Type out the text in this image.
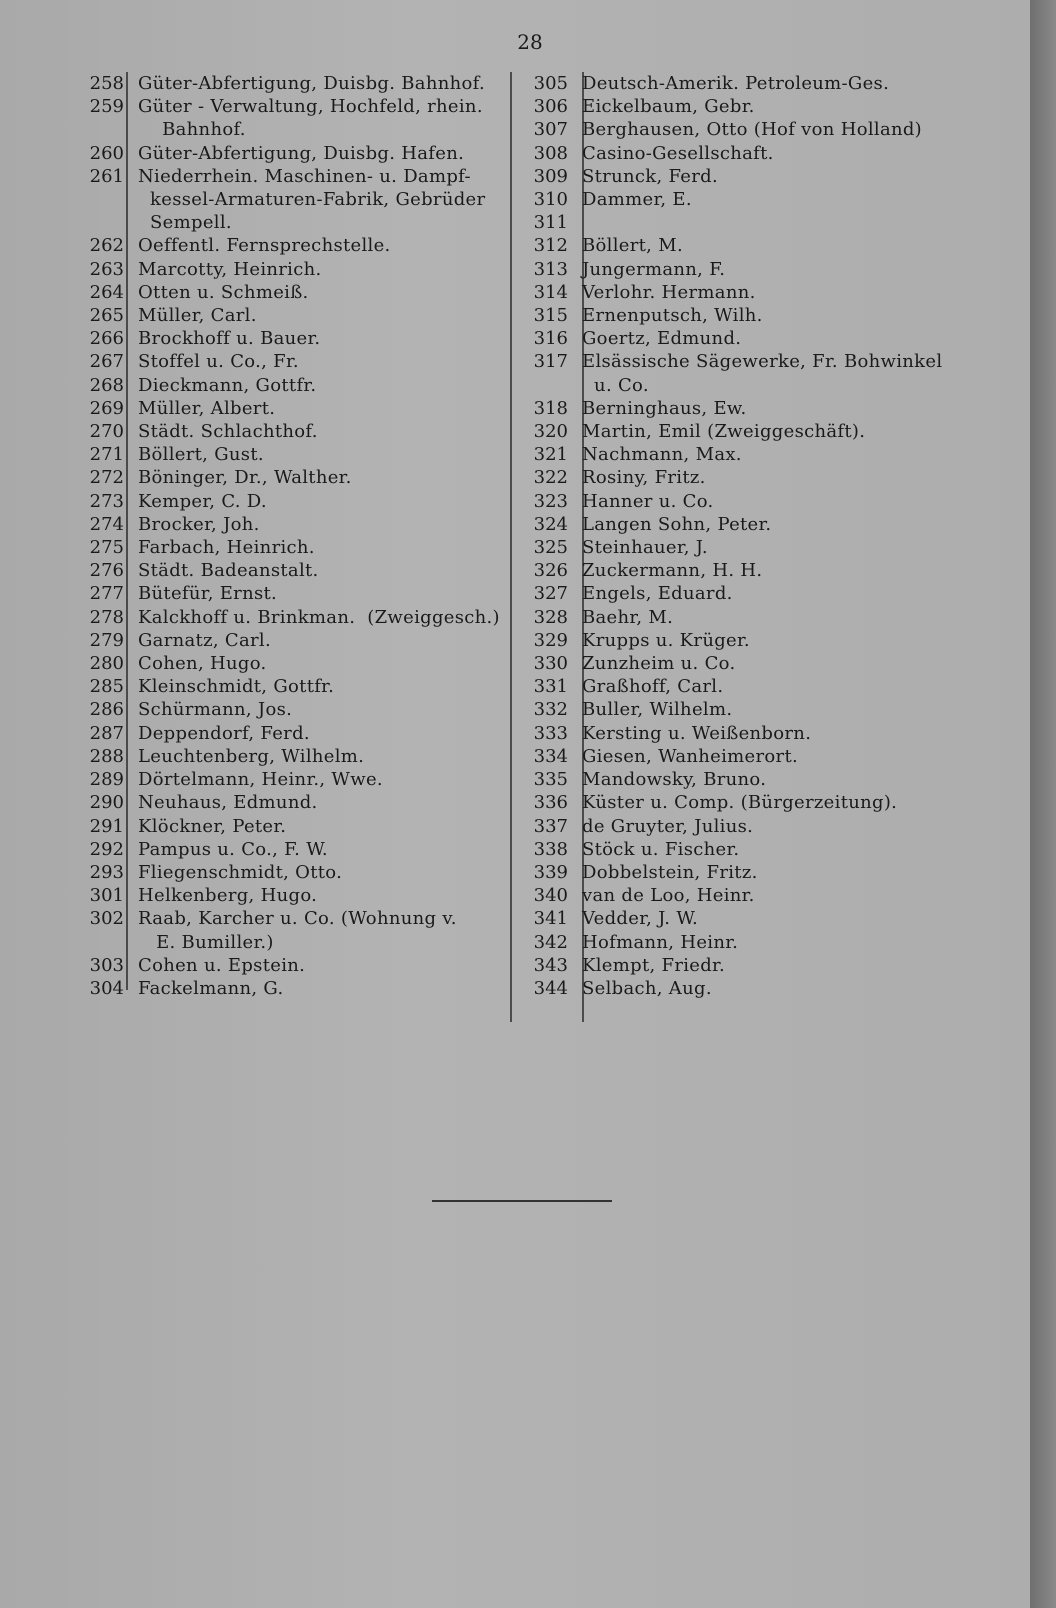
28
258 Güter-Abfertigung, Duisbg. Bahnhof.
259 Güter - Verwaltung, Hochfeld, rhein.
Bahnhof.
260 Güter-Abfertigung, Duisbg. Hafen.
261 Niederrhein. Maschinen- u. Dampf-
kessel-Armaturen-Fabrik, Gebrüder
Sempell.
262 Oeffentl. Fernsprechstelle.
263 Marcotty, Heinrich.
264 Otten u. Schmeiß.
265 Müller, Carl.
266 Brockhoff u. Bauer.
267 Stoffel u. Co., Fr.
268 Dieckmann, Gottfr.
269 Müller, Albert.
270 Städt. Schlachthof.
271 Böllert, Gust.
272 Böninger, Dr., Walther.
273 Kemper, C. D.
274 Brocker, Joh.
275 Farbach, Heinrich.
276 Städt. Badeanstalt.
277 Bütefür, Ernst.
278 Kalckhoff u. Brinkman.  (Zweiggesch.)
279 Garnatz, Carl.
280 Cohen, Hugo.
285 Kleinschmidt, Gottfr.
286 Schürmann, Jos.
287 Deppendorf, Ferd.
288 Leuchtenberg, Wilhelm.
289 Dörtelmann, Heinr., Wwe.
290 Neuhaus, Edmund.
291 Klöckner, Peter.
292 Pampus u. Co., F. W.
293 Fliegenschmidt, Otto.
301 Helkenberg, Hugo.
302 Raab, Karcher u. Co. (Wohnung v.
E. Bumiller.)
303 Cohen u. Epstein.
304 Fackelmann, G.
305 Deutsch-Amerik. Petroleum-Ges.
306 Eickelbaum, Gebr.
307 Berghausen, Otto (Hof von Holland)
308 Casino-Gesellschaft.
309 Strunck, Ferd.
310 Dammer, E.
311
312 Böllert, M.
313 Jungermann, F.
314 Verlohr. Hermann.
315 Ernenputsch, Wilh.
316 Goertz, Edmund.
317 Elsässische Sägewerke, Fr. Bohwinkel
u. Co.
318 Berninghaus, Ew.
320 Martin, Emil (Zweiggeschäft).
321 Nachmann, Max.
322 Rosiny, Fritz.
323 Hanner u. Co.
324 Langen Sohn, Peter.
325 Steinhauer, J.
326 Zuckermann, H. H.
327 Engels, Eduard.
328 Baehr, M.
329 Krupps u. Krüger.
330 Zunzheim u. Co.
331 Graßhoff, Carl.
332 Buller, Wilhelm.
333 Kersting u. Weißenborn.
334 Giesen, Wanheimerort.
335 Mandowsky, Bruno.
336 Küster u. Comp. (Bürgerzeitung).
337 de Gruyter, Julius.
338 Stöck u. Fischer.
339 Dobbelstein, Fritz.
340 van de Loo, Heinr.
341 Vedder, J. W.
342 Hofmann, Heinr.
343 Klempt, Friedr.
344 Selbach, Aug.
